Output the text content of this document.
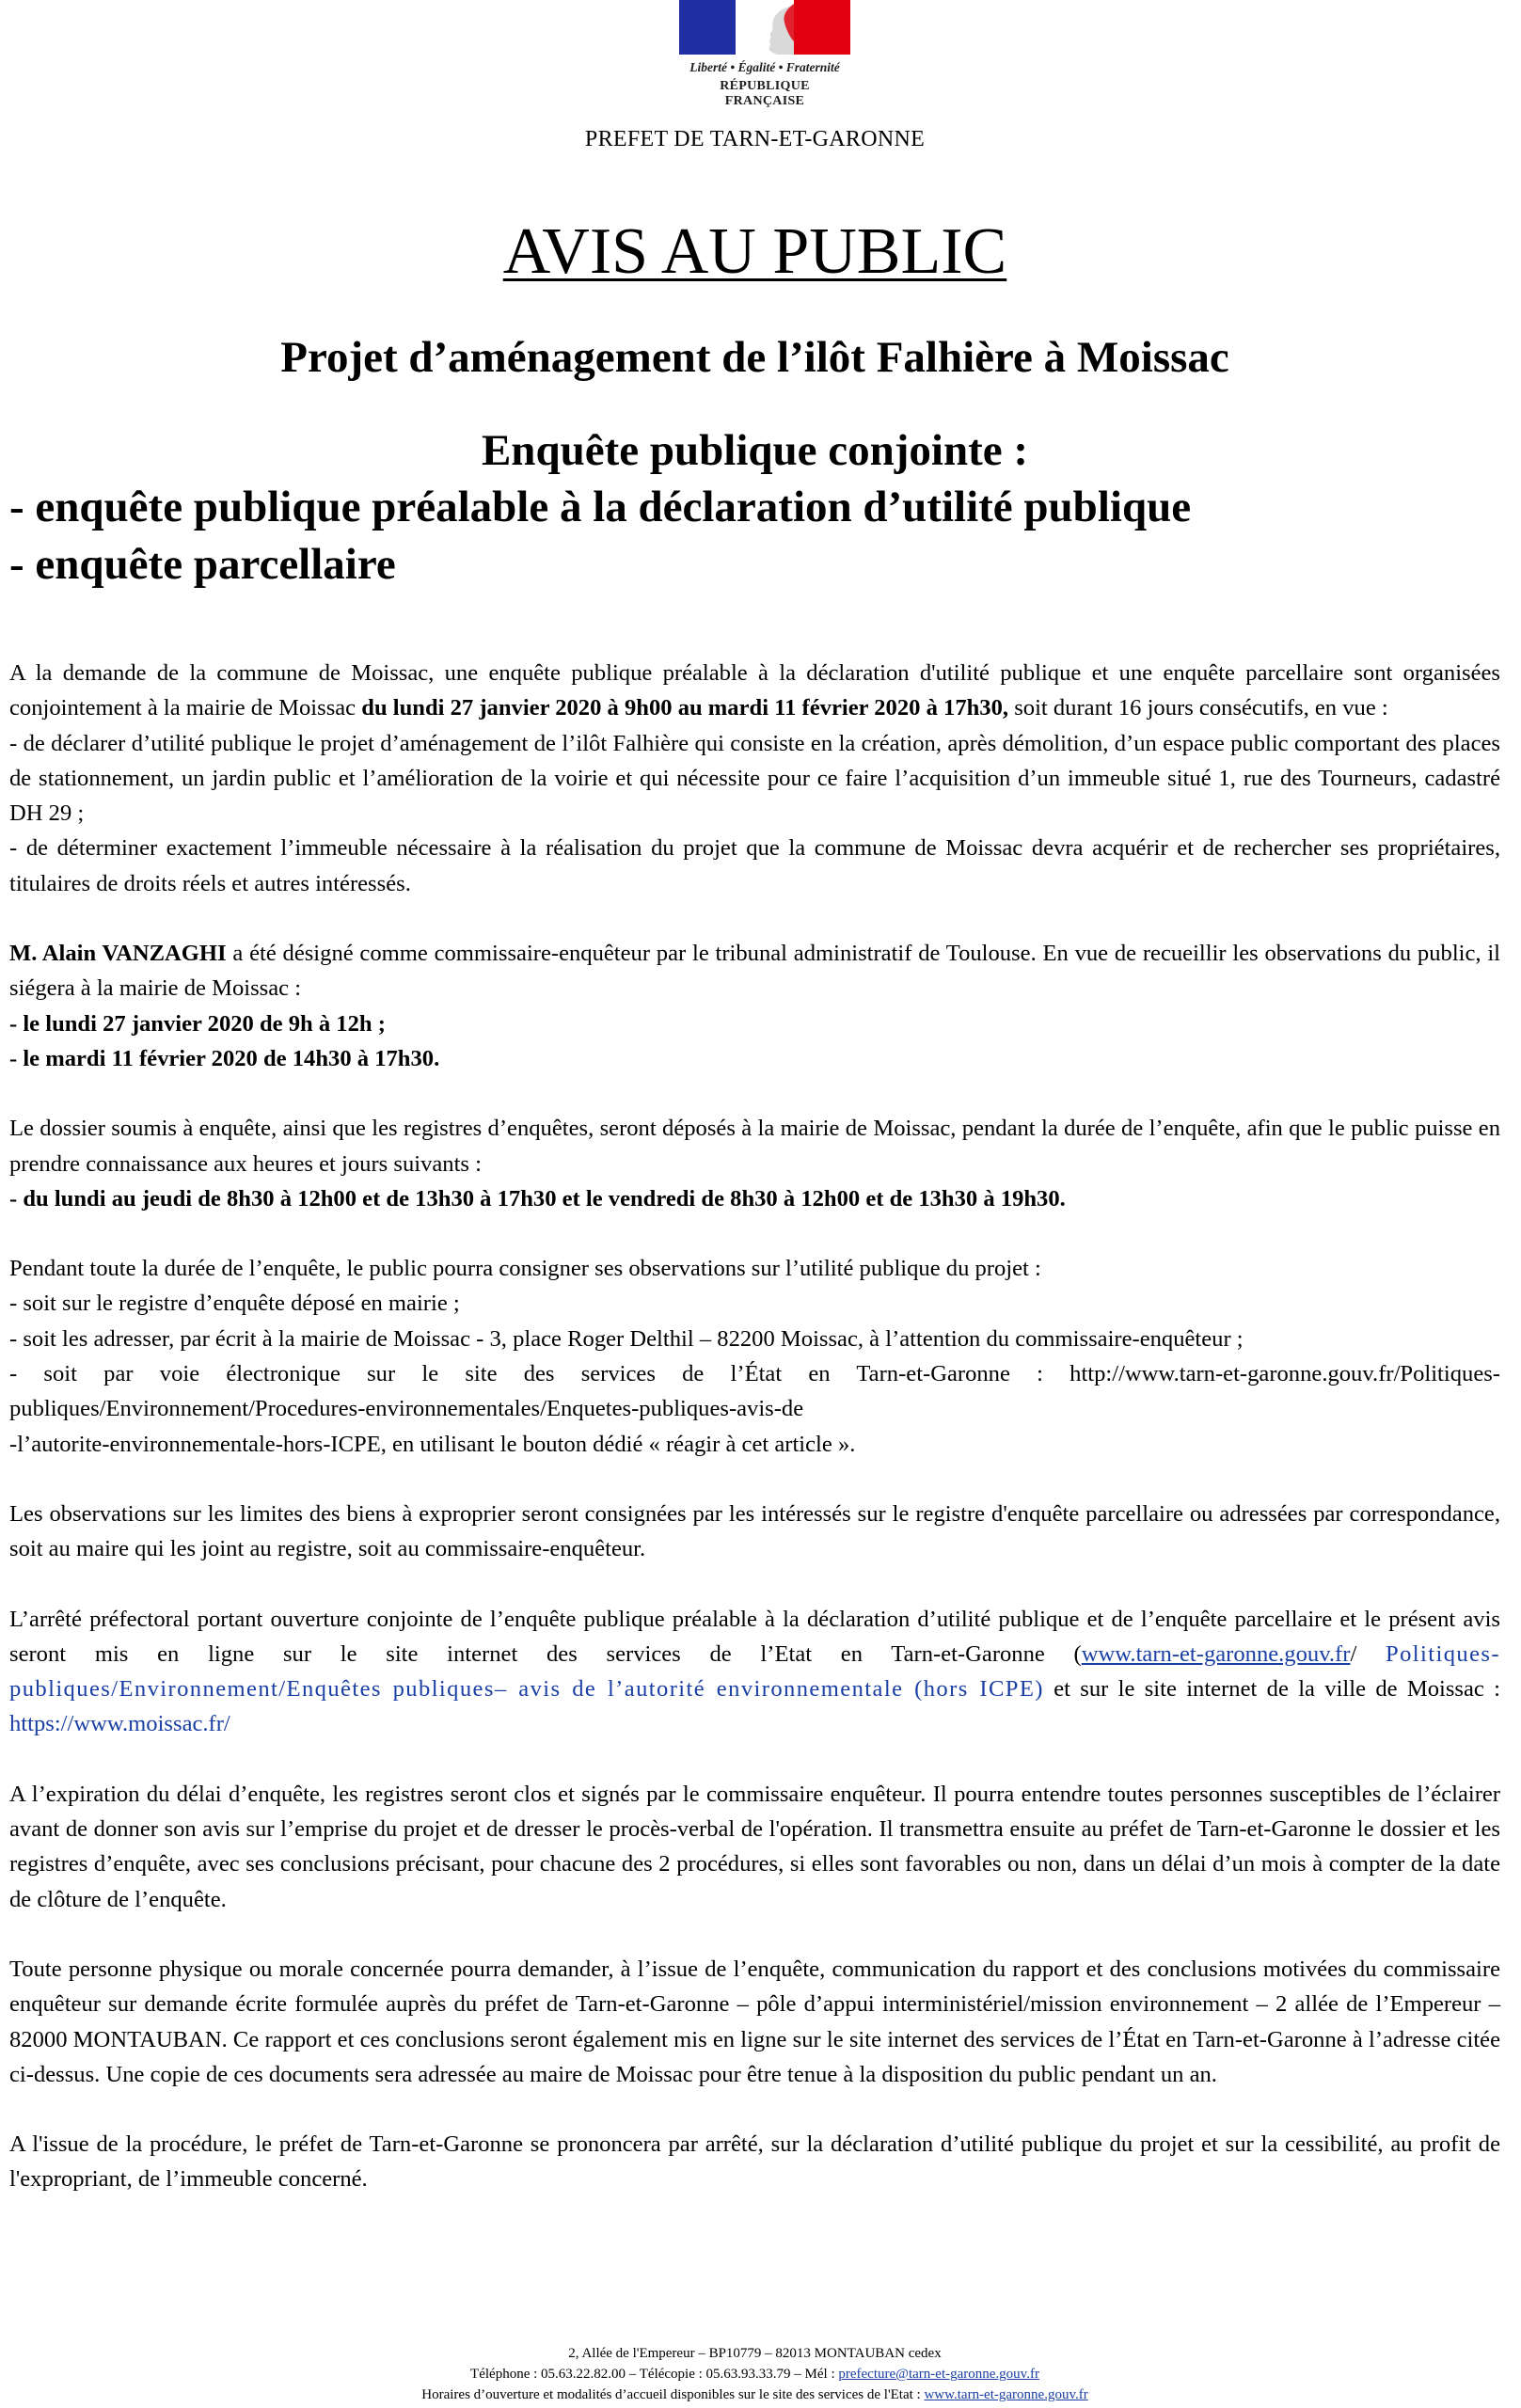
Liberté • Égalité • Fraternité
RÉPUBLIQUE FRANÇAISE
PREFET DE TARN-ET-GARONNE
AVIS AU PUBLIC
Projet d’aménagement de l’ilôt Falhière à Moissac
Enquête publique conjointe :
- enquête publique préalable à la déclaration d’utilité publique
- enquête parcellaire

A la demande de la commune de Moissac, une enquête publique préalable à la déclaration d'utilité publique et une enquête parcellaire sont organisées conjointement à la mairie de Moissac du lundi 27 janvier 2020 à 9h00 au mardi 11 février 2020 à 17h30, soit durant 16 jours consécutifs, en vue :
- de déclarer d’utilité publique le projet d’aménagement de l’ilôt Falhière qui consiste en la création, après démolition, d’un espace public comportant des places de stationnement, un jardin public et l’amélioration de la voirie et qui nécessite pour ce faire l’acquisition d’un immeuble situé 1, rue des Tourneurs, cadastré DH 29 ;
- de déterminer exactement l’immeuble nécessaire à la réalisation du projet que la commune de Moissac devra acquérir et de rechercher ses propriétaires, titulaires de droits réels et autres intéressés.

M. Alain VANZAGHI a été désigné comme commissaire-enquêteur par le tribunal administratif de Toulouse. En vue de recueillir les observations du public, il siégera à la mairie de Moissac :
- le lundi 27 janvier 2020 de 9h à 12h ;
- le mardi 11 février 2020 de 14h30 à 17h30.

Le dossier soumis à enquête, ainsi que les registres d’enquêtes, seront déposés à la mairie de Moissac, pendant la durée de l’enquête, afin que le public puisse en prendre connaissance aux heures et jours suivants :
- du lundi au jeudi de 8h30 à 12h00 et de 13h30 à 17h30 et le vendredi de 8h30 à 12h00 et de 13h30 à 19h30.

Pendant toute la durée de l’enquête, le public pourra consigner ses observations sur l’utilité publique du projet :
- soit sur le registre d’enquête déposé en mairie ;
- soit les adresser, par écrit à la mairie de Moissac - 3, place Roger Delthil – 82200 Moissac, à l’attention du commissaire-enquêteur ;
- soit par voie électronique sur le site des services de l’État en Tarn-et-Garonne : http://www.tarn-et-garonne.gouv.fr/Politiques-publiques/Environnement/Procedures-environnementales/Enquetes-publiques-avis-de
-l’autorite-environnementale-hors-ICPE, en utilisant le bouton dédié « réagir à cet article ».

Les observations sur les limites des biens à exproprier seront consignées par les intéressés sur le registre d'enquête parcellaire ou adressées par correspondance, soit au maire qui les joint au registre, soit au commissaire-enquêteur.

L’arrêté préfectoral portant ouverture conjointe de l’enquête publique préalable à la déclaration d’utilité publique et de l’enquête parcellaire et le présent avis seront mis en ligne sur le site internet des services de l’Etat en Tarn-et-Garonne (www.tarn-et-garonne.gouv.fr/ Politiques-publiques/Environnement/Enquêtes publiques– avis de l’autorité environnementale (hors ICPE) et sur le site internet de la ville de Moissac : https://www.moissac.fr/

A l’expiration du délai d’enquête, les registres seront clos et signés par le commissaire enquêteur. Il pourra entendre toutes personnes susceptibles de l’éclairer avant de donner son avis sur l’emprise du projet et de dresser le procès-verbal de l'opération. Il transmettra ensuite au préfet de Tarn-et-Garonne le dossier et les registres d’enquête, avec ses conclusions précisant, pour chacune des 2 procédures, si elles sont favorables ou non, dans un délai d’un mois à compter de la date de clôture de l’enquête.

Toute personne physique ou morale concernée pourra demander, à l’issue de l’enquête, communication du rapport et des conclusions motivées du commissaire enquêteur sur demande écrite formulée auprès du préfet de Tarn-et-Garonne – pôle d’appui interministériel/mission environnement – 2 allée de l’Empereur – 82000 MONTAUBAN. Ce rapport et ces conclusions seront également mis en ligne sur le site internet des services de l’État en Tarn-et-Garonne à l’adresse citée ci-dessus. Une copie de ces documents sera adressée au maire de Moissac pour être tenue à la disposition du public pendant un an.

A l'issue de la procédure, le préfet de Tarn-et-Garonne se prononcera par arrêté, sur la déclaration d’utilité publique du projet et sur la cessibilité, au profit de l'expropriant, de l’immeuble concerné.

2, Allée de l'Empereur – BP10779 – 82013 MONTAUBAN cedex
Téléphone : 05.63.22.82.00 – Télécopie : 05.63.93.33.79 – Mél : prefecture@tarn-et-garonne.gouv.fr
Horaires d’ouverture et modalités d’accueil disponibles sur le site des services de l'Etat : www.tarn-et-garonne.gouv.fr
